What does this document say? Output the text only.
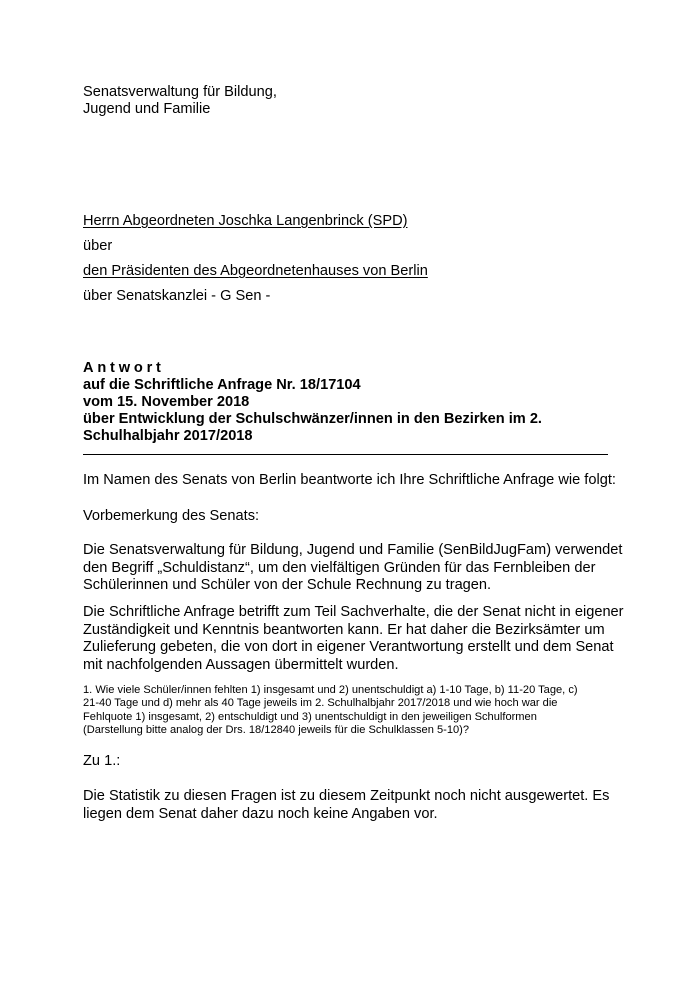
Senatsverwaltung für Bildung,
Jugend und Familie
Herrn Abgeordneten Joschka Langenbrinck (SPD)
über
den Präsidenten des Abgeordnetenhauses von Berlin
über Senatskanzlei - G Sen -
Antwort
auf die Schriftliche Anfrage Nr. 18/17104
vom 15. November 2018
über Entwicklung der Schulschwänzer/innen in den Bezirken im 2.
Schulhalbjahr 2017/2018
Im Namen des Senats von Berlin beantworte ich Ihre Schriftliche Anfrage wie folgt:
Vorbemerkung des Senats:
Die Senatsverwaltung für Bildung, Jugend und Familie (SenBildJugFam) verwendet
den Begriff „Schuldistanz“, um den vielfältigen Gründen für das Fernbleiben der
Schülerinnen und Schüler von der Schule Rechnung zu tragen.
Die Schriftliche Anfrage betrifft zum Teil Sachverhalte, die der Senat nicht in eigener
Zuständigkeit und Kenntnis beantworten kann. Er hat daher die Bezirksämter um
Zulieferung gebeten, die von dort in eigener Verantwortung erstellt und dem Senat
mit nachfolgenden Aussagen übermittelt wurden.
1. Wie viele Schüler/innen fehlten 1) insgesamt und 2) unentschuldigt a) 1-10 Tage, b) 11-20 Tage, c)
21-40 Tage und d) mehr als 40 Tage jeweils im 2. Schulhalbjahr 2017/2018 und wie hoch war die
Fehlquote 1) insgesamt, 2) entschuldigt und 3) unentschuldigt in den jeweiligen Schulformen
(Darstellung bitte analog der Drs. 18/12840 jeweils für die Schulklassen 5-10)?
Zu 1.:
Die Statistik zu diesen Fragen ist zu diesem Zeitpunkt noch nicht ausgewertet. Es
liegen dem Senat daher dazu noch keine Angaben vor.
